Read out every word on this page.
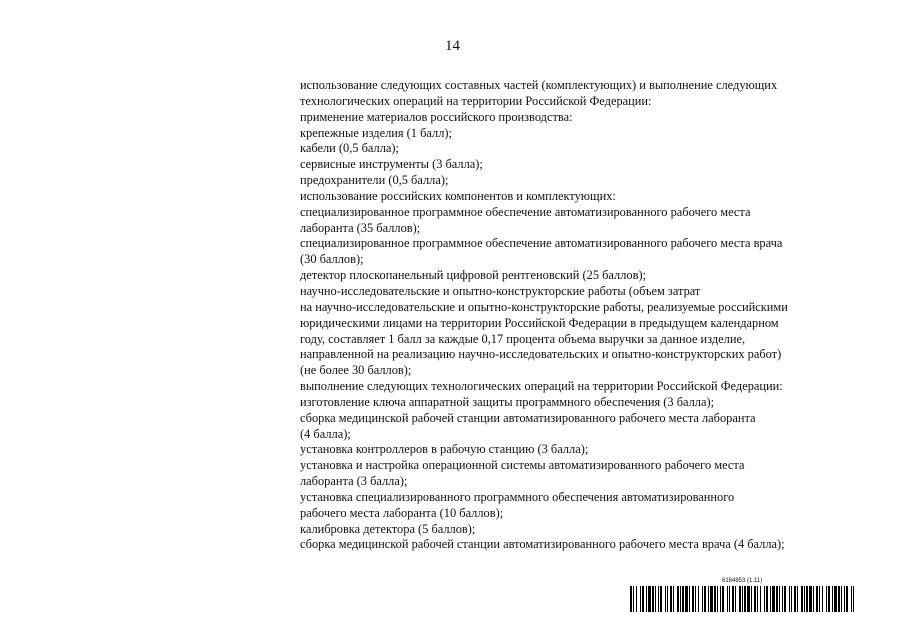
14
использование следующих составных частей (комплектующих) и выполнение следующих
технологических операций на территории Российской Федерации:
применение материалов российского производства:
крепежные изделия (1 балл);
кабели (0,5 балла);
сервисные инструменты (3 балла);
предохранители (0,5 балла);
использование российских компонентов и комплектующих:
специализированное программное обеспечение автоматизированного рабочего места
лаборанта (35 баллов);
специализированное программное обеспечение автоматизированного рабочего места врача
(30 баллов);
детектор плоскопанельный цифровой рентгеновский (25 баллов);
научно-исследовательские и опытно-конструкторские работы (объем затрат
на научно-исследовательские и опытно-конструкторские работы, реализуемые российскими
юридическими лицами на территории Российской Федерации в предыдущем календарном
году, составляет 1 балл за каждые 0,17 процента объема выручки за данное изделие,
направленной на реализацию научно-исследовательских и опытно-конструкторских работ)
(не более 30 баллов);
выполнение следующих технологических операций на территории Российской Федерации:
изготовление ключа аппаратной защиты программного обеспечения (3 балла);
сборка медицинской рабочей станции автоматизированного рабочего места лаборанта
(4 балла);
установка контроллеров в рабочую станцию (3 балла);
установка и настройка операционной системы автоматизированного рабочего места
лаборанта (3 балла);
установка специализированного программного обеспечения автоматизированного
рабочего места лаборанта (10 баллов);
калибровка детектора (5 баллов);
сборка медицинской рабочей станции автоматизированного рабочего места врача (4 балла);
6184853 (1.11)
